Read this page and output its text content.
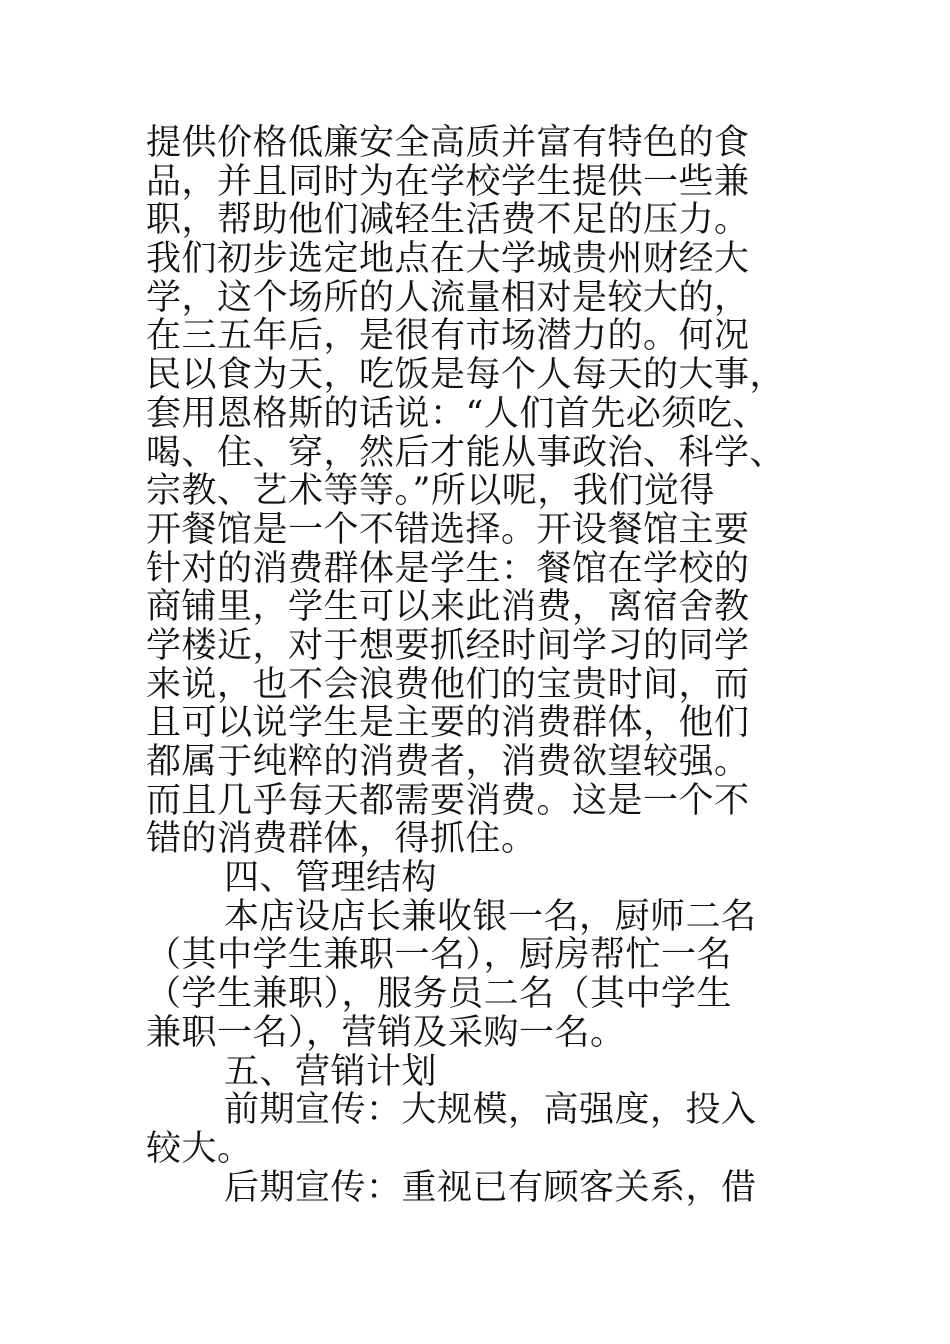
提供价格低廉安全高质并富有特色的食
品，并且同时为在学校学生提供一些兼
职，帮助他们减轻生活费不足的压力。
我们初步选定地点在大学城贵州财经大
学，这个场所的人流量相对是较大的，
在三五年后，是很有市场潜力的。何况
民以食为天，吃饭是每个人每天的大事，
套用恩格斯的话说：“人们首先必须吃、
喝、住、穿，然后才能从事政治、科学、
宗教、艺术等等。”所以呢，我们觉得
开餐馆是一个不错选择。开设餐馆主要
针对的消费群体是学生：餐馆在学校的
商铺里，学生可以来此消费，离宿舍教
学楼近，对于想要抓经时间学习的同学
来说，也不会浪费他们的宝贵时间，而
且可以说学生是主要的消费群体，他们
都属于纯粹的消费者，消费欲望较强。
而且几乎每天都需要消费。这是一个不
错的消费群体，得抓住。
四、管理结构
本店设店长兼收银一名，厨师二名
（其中学生兼职一名），厨房帮忙一名
（学生兼职），服务员二名（其中学生
兼职一名），营销及采购一名。
五、营销计划
前期宣传：大规模，高强度，投入
较大。
后期宣传：重视已有顾客关系，借
